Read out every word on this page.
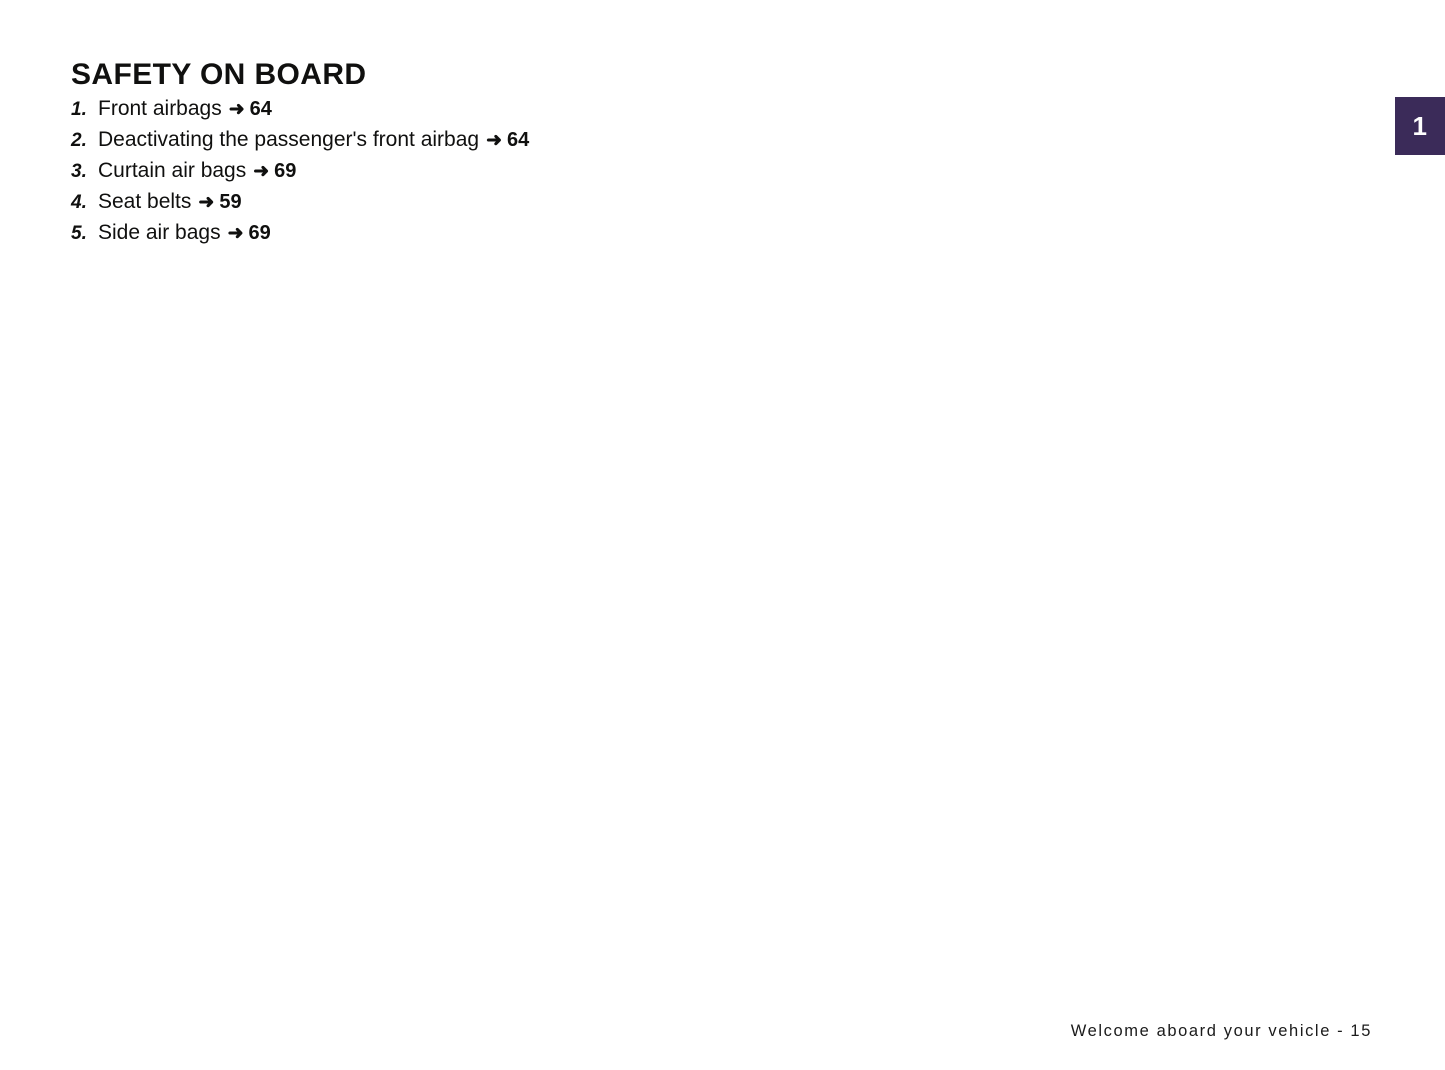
1
SAFETY ON BOARD
1. Front airbags ➜ 64
2. Deactivating the passenger's front airbag ➜ 64
3. Curtain air bags ➜ 69
4. Seat belts ➜ 59
5. Side air bags ➜ 69
Welcome aboard your vehicle - 15
